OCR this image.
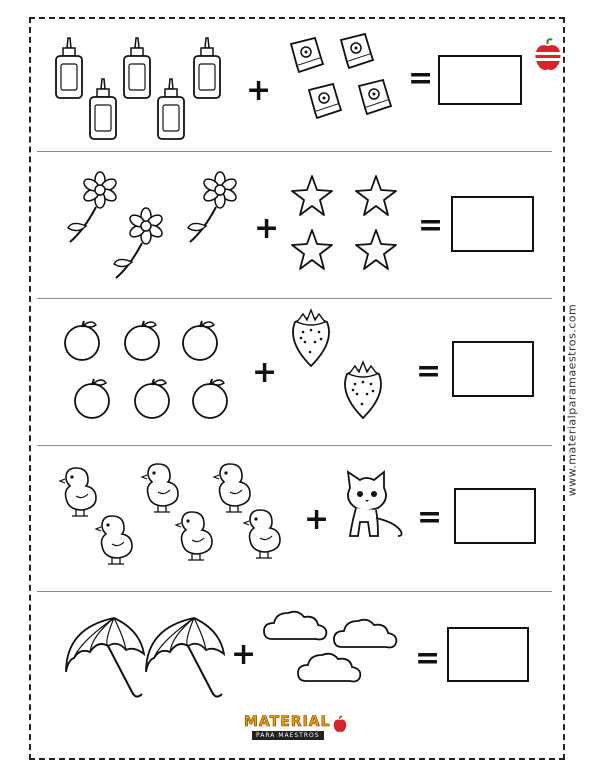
+	=
+	=
+	=
+	=
+	=
www.materialparamaestros.com
MATERIAL
PARA MAESTROS
